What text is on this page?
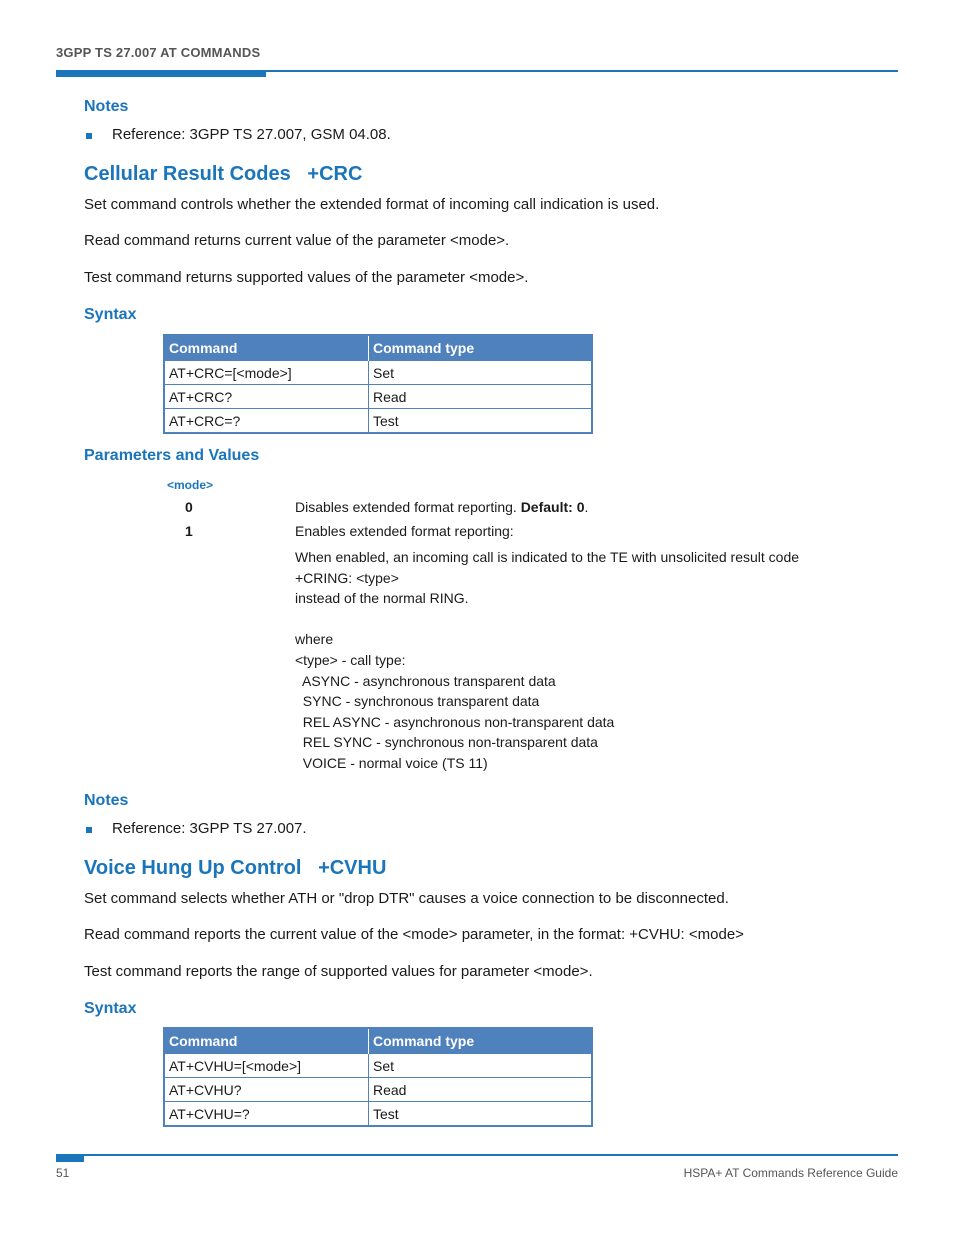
3GPP TS 27.007 AT COMMANDS
Notes

Reference: 3GPP TS 27.007, GSM 04.08.

Cellular Result Codes   +CRC

Set command controls whether the extended format of incoming call indication is used.

Read command returns current value of the parameter <mode>.

Test command returns supported values of the parameter <mode>.

Syntax
Command	Command type
AT+CRC=[<mode>]	Set
AT+CRC?	Read
AT+CRC=?	Test
Parameters and Values
<mode>
0	Disables extended format reporting. Default: 0.
1	Enables extended format reporting:
When enabled, an incoming call is indicated to the TE with unsolicited result code
+CRING: <type>
instead of the normal RING.

where
<type> - call type:
ASYNC - asynchronous transparent data
SYNC - synchronous transparent data
REL ASYNC - asynchronous non-transparent data
REL SYNC - synchronous non-transparent data
VOICE - normal voice (TS 11)
Notes

Reference: 3GPP TS 27.007.

Voice Hung Up Control   +CVHU

Set command selects whether ATH or "drop DTR" causes a voice connection to be disconnected.

Read command reports the current value of the <mode> parameter, in the format: +CVHU: <mode>

Test command reports the range of supported values for parameter <mode>.

Syntax
Command	Command type
AT+CVHU=[<mode>]	Set
AT+CVHU?	Read
AT+CVHU=?	Test
51	HSPA+ AT Commands Reference Guide
